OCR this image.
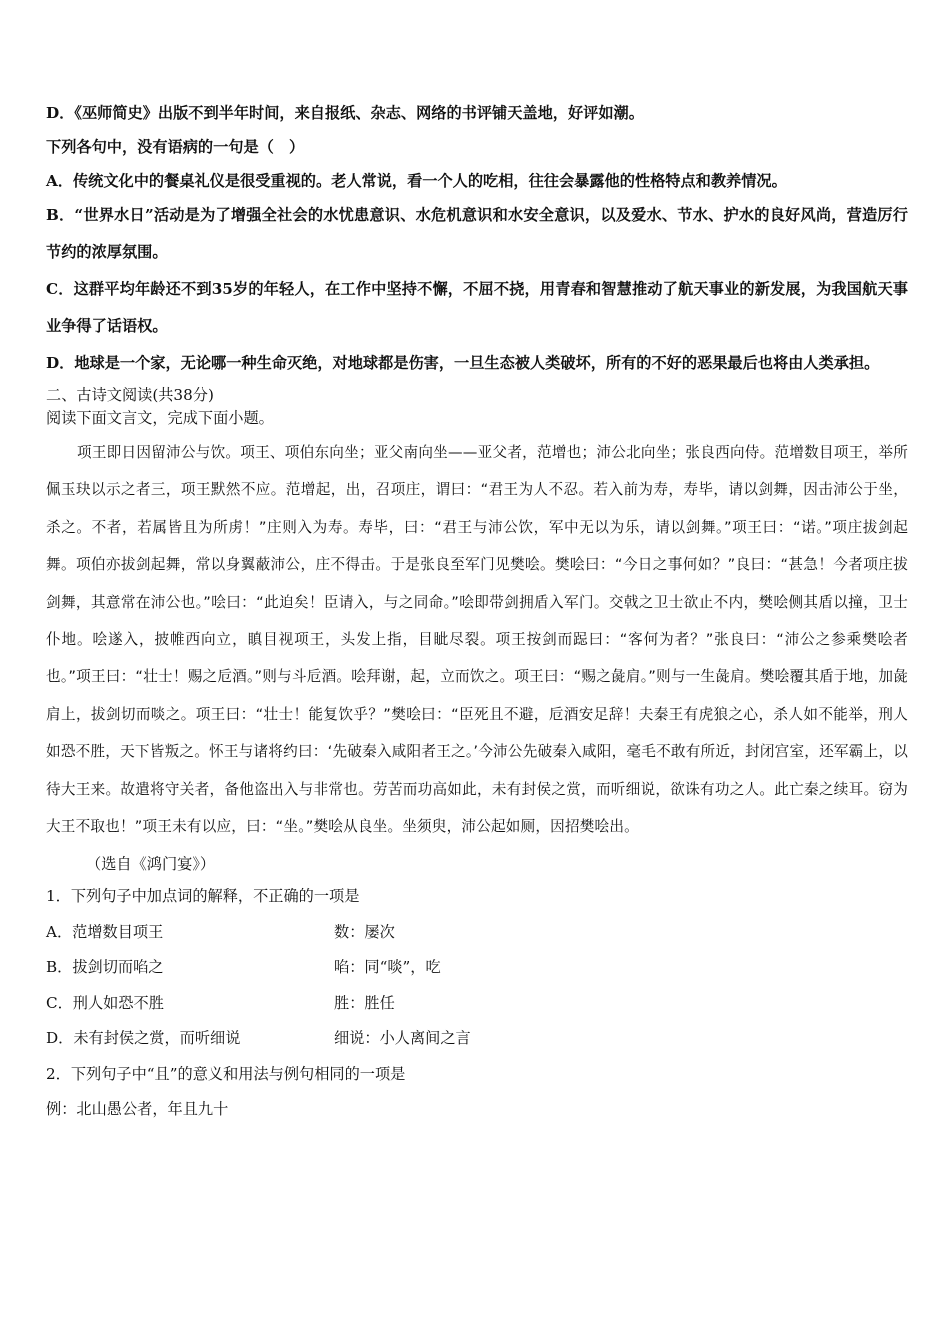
D．《巫师简史》出版不到半年时间，来自报纸、杂志、网络的书评铺天盖地，好评如潮。
下列各句中，没有语病的一句是（　）
A．传统文化中的餐桌礼仪是很受重视的。老人常说，看一个人的吃相，往往会暴露他的性格特点和教养情况。
B．“世界水日”活动是为了增强全社会的水忧患意识、水危机意识和水安全意识，以及爱水、节水、护水的良好风尚，营造厉行节约的浓厚氛围。
C．这群平均年龄还不到35岁的年轻人，在工作中坚持不懈，不屈不挠，用青春和智慧推动了航天事业的新发展，为我国航天事业争得了话语权。
D．地球是一个家，无论哪一种生命灭绝，对地球都是伤害，一旦生态被人类破坏，所有的不好的恶果最后也将由人类承担。
二、古诗文阅读(共38分)
阅读下面文言文，完成下面小题。
项王即日因留沛公与饮。项王、项伯东向坐；亚父南向坐——亚父者，范增也；沛公北向坐；张良西向侍。范增数目项王，举所佩玉玦以示之者三，项王默然不应。范增起，出，召项庄，谓曰：“君王为人不忍。若入前为寿，寿毕，请以剑舞，因击沛公于坐，杀之。不者，若属皆且为所虏！”庄则入为寿。寿毕，曰：“君王与沛公饮，军中无以为乐，请以剑舞。”项王曰：“诺。”项庄拔剑起舞。项伯亦拔剑起舞，常以身翼蔽沛公，庄不得击。于是张良至军门见樊哙。樊哙曰：“今日之事何如？”良曰：“甚急！今者项庄拔剑舞，其意常在沛公也。”哙曰：“此迫矣！臣请入，与之同命。”哙即带剑拥盾入军门。交戟之卫士欲止不内，樊哙侧其盾以撞，卫士仆地。哙遂入，披帷西向立，瞋目视项王，头发上指，目眦尽裂。项王按剑而跽曰：“客何为者？”张良曰：“沛公之参乘樊哙者也。”项王曰：“壮士！赐之卮酒。”则与斗卮酒。哙拜谢，起，立而饮之。项王曰：“赐之彘肩。”则与一生彘肩。樊哙覆其盾于地，加彘肩上，拔剑切而啖之。项王曰：“壮士！能复饮乎？”樊哙曰：“臣死且不避，卮酒安足辞！夫秦王有虎狼之心，杀人如不能举，刑人如恐不胜，天下皆叛之。怀王与诸将约曰：‘先破秦入咸阳者王之。’今沛公先破秦入咸阳，毫毛不敢有所近，封闭宫室，还军霸上，以待大王来。故遣将守关者，备他盗出入与非常也。劳苦而功高如此，未有封侯之赏，而听细说，欲诛有功之人。此亡秦之续耳。窃为大王不取也！”项王未有以应，曰：“坐。”樊哙从良坐。坐须臾，沛公起如厕，因招樊哙出。
（选自《鸿门宴》）
1．下列句子中加点词的解释，不正确的一项是
A．范增数目项王	数：屡次
B．拔剑切而啗之	啗：同“啖”，吃
C．刑人如恐不胜	胜：胜任
D．未有封侯之赏，而听细说	细说：小人离间之言
2．下列句子中“且”的意义和用法与例句相同的一项是
例：北山愚公者，年且九十
